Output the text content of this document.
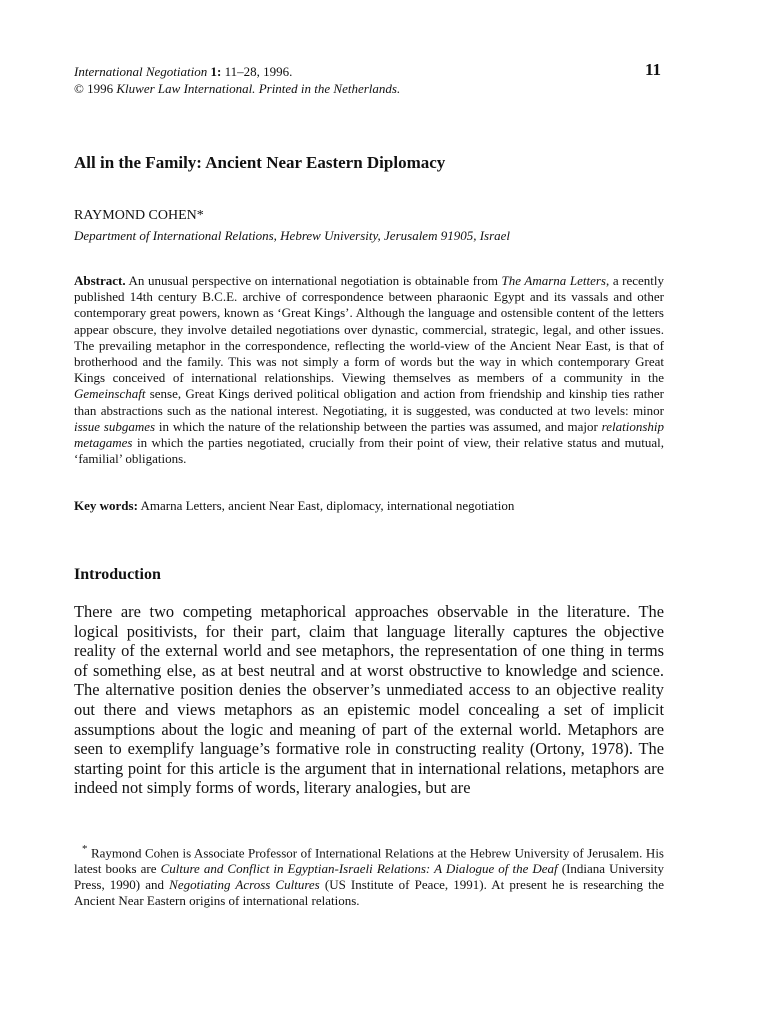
International Negotiation 1: 11–28, 1996.
© 1996 Kluwer Law International. Printed in the Netherlands.
11
All in the Family: Ancient Near Eastern Diplomacy
RAYMOND COHEN*
Department of International Relations, Hebrew University, Jerusalem 91905, Israel

Abstract. An unusual perspective on international negotiation is obtainable from The Amarna Letters, a recently published 14th century B.C.E. archive of correspondence between pharaonic Egypt and its vassals and other contemporary great powers, known as ‘Great Kings’. Although the language and ostensible content of the letters appear obscure, they involve detailed negotiations over dynastic, commercial, strategic, legal, and other issues. The prevailing metaphor in the correspondence, reflecting the world-view of the Ancient Near East, is that of brotherhood and the family. This was not simply a form of words but the way in which contemporary Great Kings conceived of international relationships. Viewing themselves as members of a community in the Gemeinschaft sense, Great Kings derived political obligation and action from friendship and kinship ties rather than abstractions such as the national interest. Negotiating, it is suggested, was conducted at two levels: minor issue subgames in which the nature of the relationship between the parties was assumed, and major relationship metagames in which the parties negotiated, crucially from their point of view, their relative status and mutual, ‘familial’ obligations.

Key words: Amarna Letters, ancient Near East, diplomacy, international negotiation

Introduction

There are two competing metaphorical approaches observable in the literature. The logical positivists, for their part, claim that language literally captures the objective reality of the external world and see metaphors, the representation of one thing in terms of something else, as at best neutral and at worst obstructive to knowledge and science. The alternative position denies the observer’s unmediated access to an objective reality out there and views metaphors as an epistemic model concealing a set of implicit assumptions about the logic and meaning of part of the external world. Metaphors are seen to exemplify language’s formative role in constructing reality (Ortony, 1978). The starting point for this article is the argument that in international relations, metaphors are indeed not simply forms of words, literary analogies, but are

* Raymond Cohen is Associate Professor of International Relations at the Hebrew University of Jerusalem. His latest books are Culture and Conflict in Egyptian-Israeli Relations: A Dialogue of the Deaf (Indiana University Press, 1990) and Negotiating Across Cultures (US Institute of Peace, 1991). At present he is researching the Ancient Near Eastern origins of international relations.
